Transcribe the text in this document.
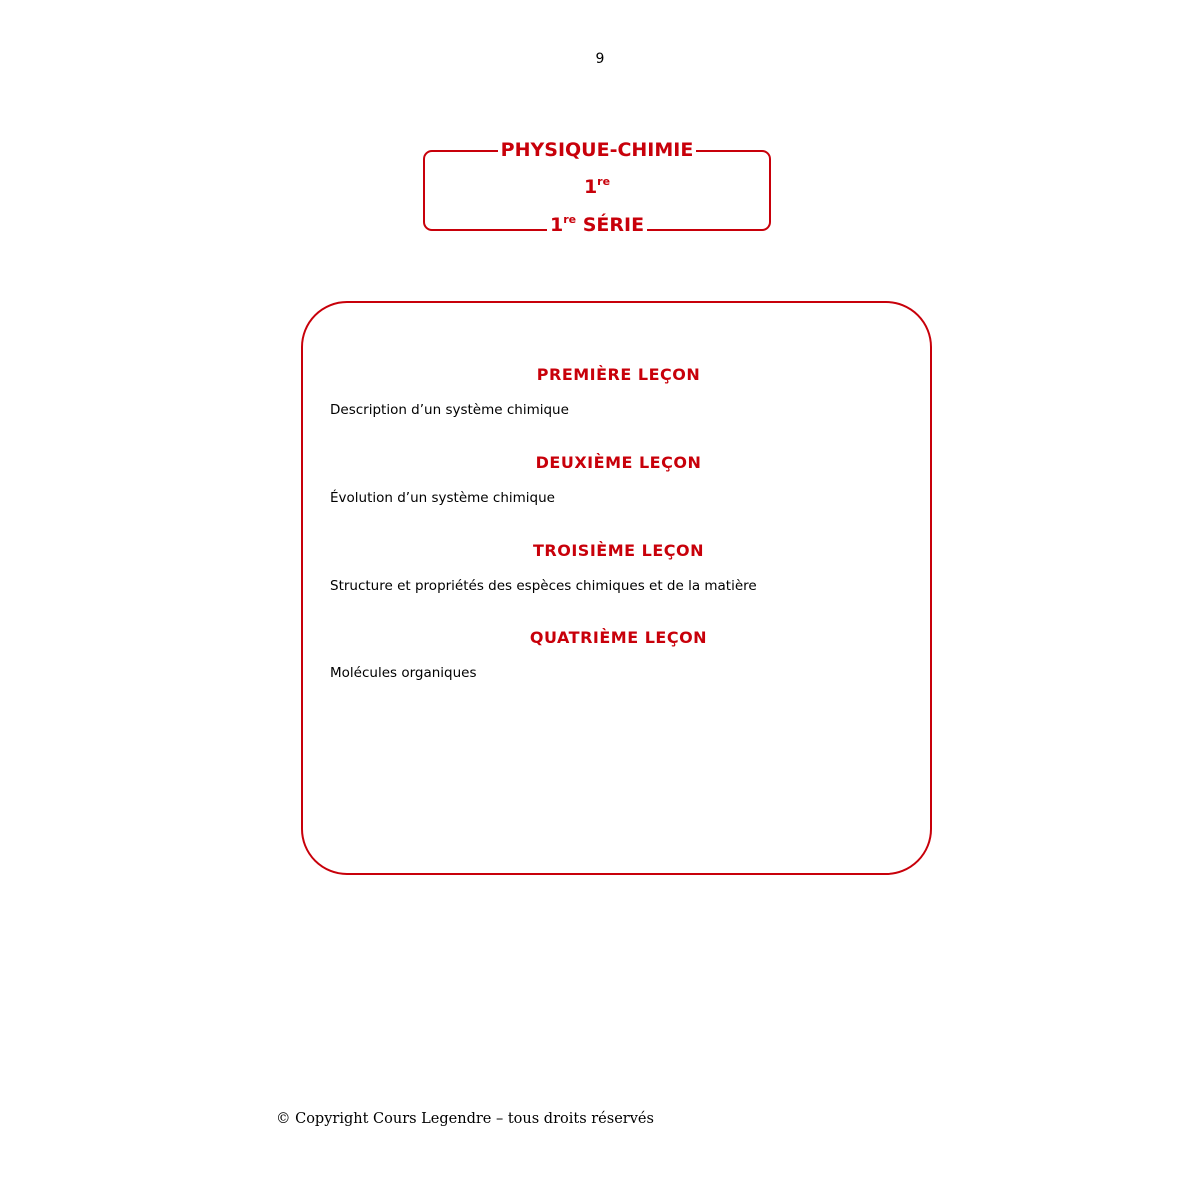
9
PHYSIQUE-CHIMIE
1re
1re SÉRIE
PREMIÈRE LEÇON
Description d’un système chimique
DEUXIÈME LEÇON
Évolution d’un système chimique
TROISIÈME LEÇON
Structure et propriétés des espèces chimiques et de la matière
QUATRIÈME LEÇON
Molécules organiques
© Copyright Cours Legendre – tous droits réservés
